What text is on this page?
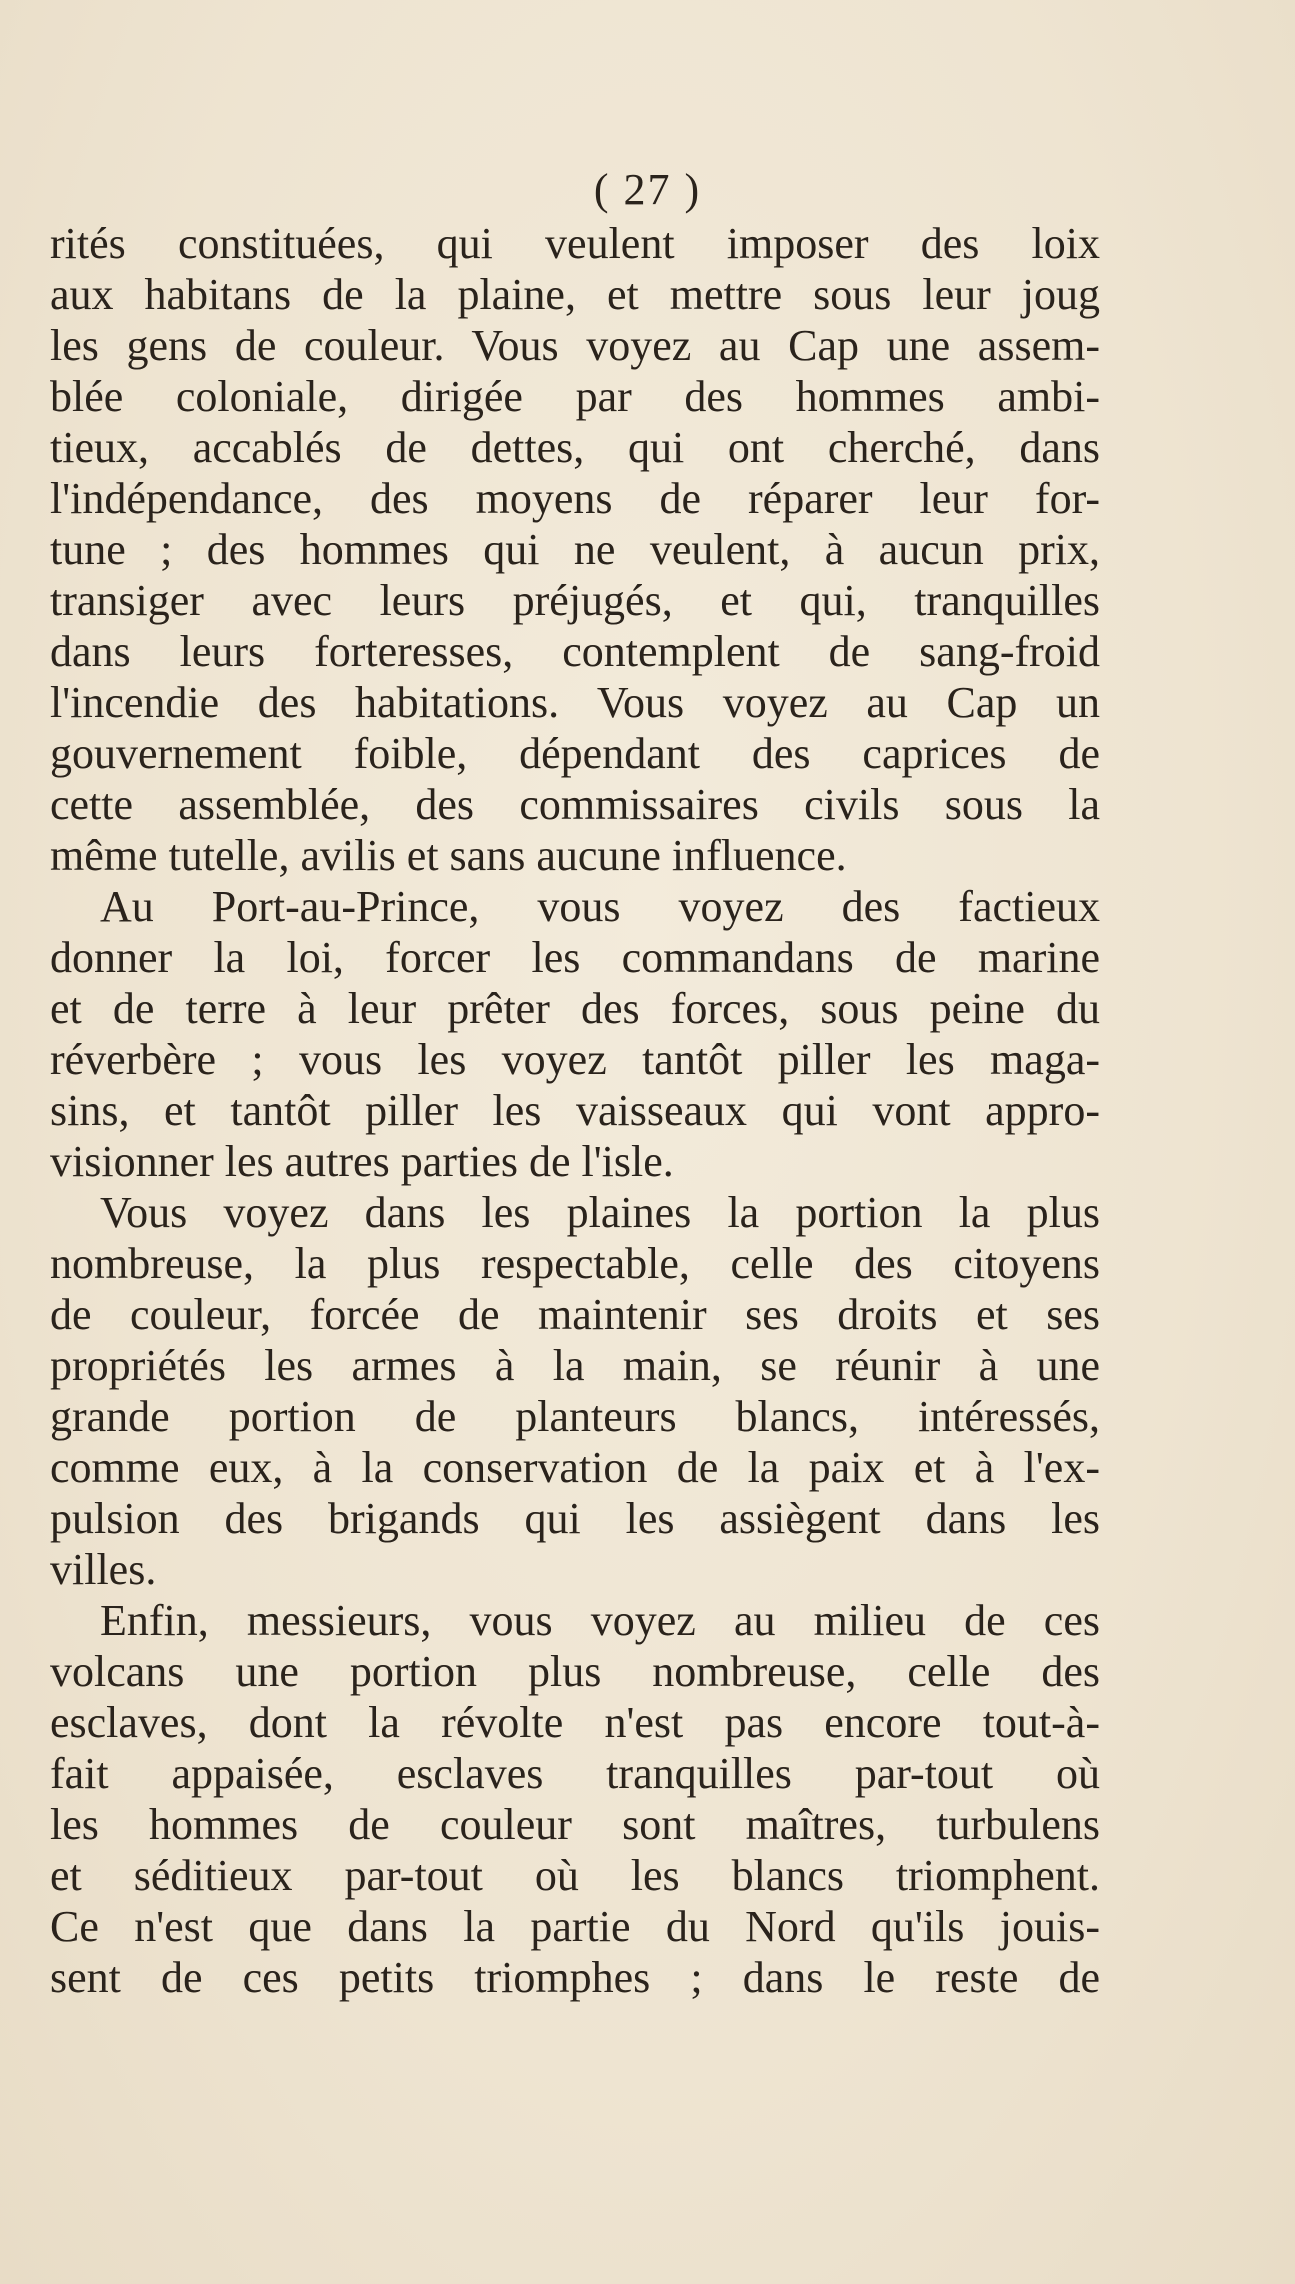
( 27 )
rités constituées, qui veulent imposer des loix
aux habitans de la plaine, et mettre sous leur joug
les gens de couleur. Vous voyez au Cap une assem-
blée coloniale, dirigée par des hommes ambi-
tieux, accablés de dettes, qui ont cherché, dans
l'indépendance, des moyens de réparer leur for-
tune ; des hommes qui ne veulent, à aucun prix,
transiger avec leurs préjugés, et qui, tranquilles
dans leurs forteresses, contemplent de sang-froid
l'incendie des habitations. Vous voyez au Cap un
gouvernement foible, dépendant des caprices de
cette assemblée, des commissaires civils sous la
même tutelle, avilis et sans aucune influence.
Au Port-au-Prince, vous voyez des factieux
donner la loi, forcer les commandans de marine
et de terre à leur prêter des forces, sous peine du
réverbère ; vous les voyez tantôt piller les maga-
sins, et tantôt piller les vaisseaux qui vont appro-
visionner les autres parties de l'isle.
Vous voyez dans les plaines la portion la plus
nombreuse, la plus respectable, celle des citoyens
de couleur, forcée de maintenir ses droits et ses
propriétés les armes à la main, se réunir à une
grande portion de planteurs blancs, intéressés,
comme eux, à la conservation de la paix et à l'ex-
pulsion des brigands qui les assiègent dans les
villes.
Enfin, messieurs, vous voyez au milieu de ces
volcans une portion plus nombreuse, celle des
esclaves, dont la révolte n'est pas encore tout-à-
fait appaisée, esclaves tranquilles par-tout où
les hommes de couleur sont maîtres, turbulens
et séditieux par-tout où les blancs triomphent.
Ce n'est que dans la partie du Nord qu'ils jouis-
sent de ces petits triomphes ; dans le reste de
